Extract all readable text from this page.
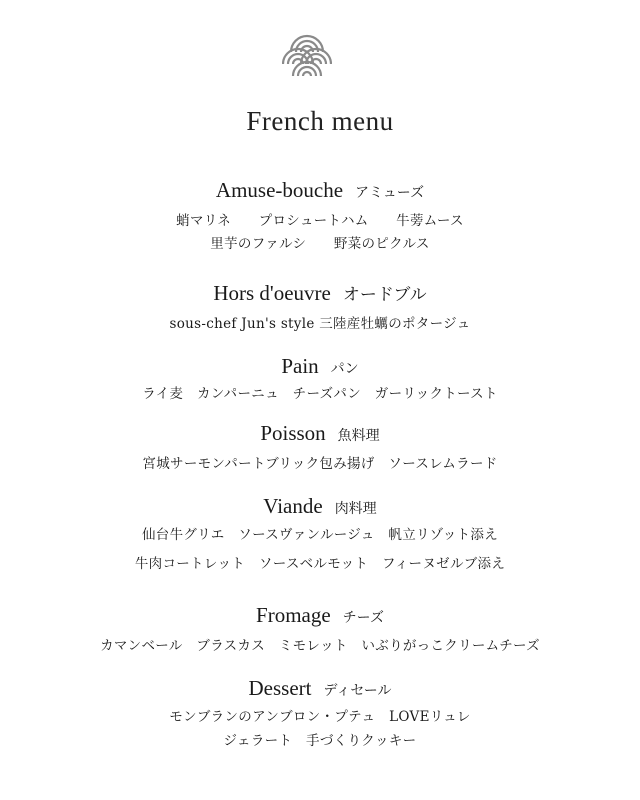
French menu
Amuse-bouche アミューズ
蛸マリネ　　プロシュートハム　　牛蒡ムース
里芋のファルシ　　野菜のピクルス
Hors d'oeuvre オードブル
sous-chef Jun's style 三陸産牡蠣のポタージュ
Pain パン
ライ麦　カンパーニュ　チーズパン　ガーリックトースト
Poisson 魚料理
宮城サーモンパートブリック包み揚げ　ソースレムラード
Viande 肉料理
仙台牛グリエ　ソースヴァンルージュ　帆立リゾット添え
牛肉コートレット　ソースベルモット　フィーヌゼルブ添え
Fromage チーズ
カマンベール　ブラスカス　ミモレット　いぶりがっこクリームチーズ
Dessert ディセール
モンブランのアンブロン・プテュ　LOVEリュレ
ジェラート　手づくりクッキー
